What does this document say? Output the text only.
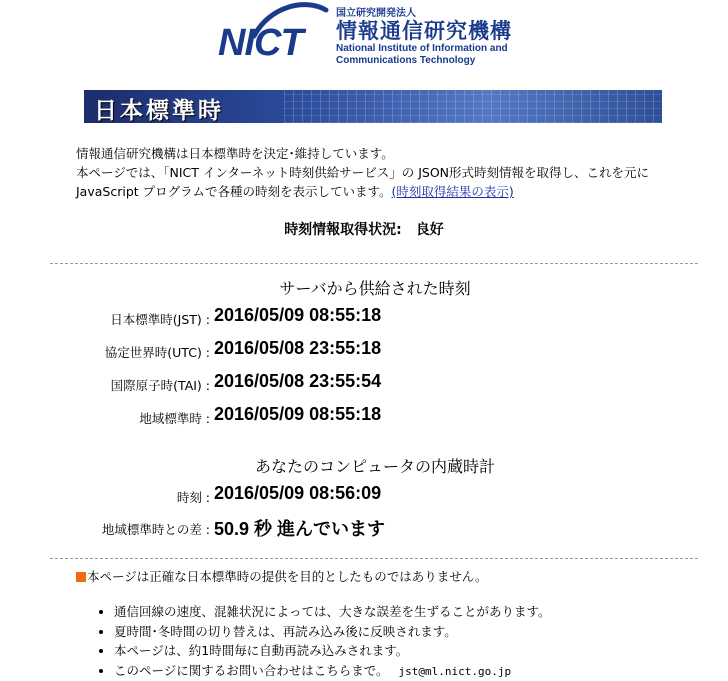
NICT
国立研究開発法人
情報通信研究機構
National Institute of Information and
Communications Technology
日本標準時
情報通信研究機構は日本標準時を決定･維持しています。
本ページでは、「NICT インターネット時刻供給サービス」の JSON形式時刻情報を取得し、これを元に
JavaScript プログラムで各種の時刻を表示しています。(時刻取得結果の表示)
時刻情報取得状況: 良好
サーバから供給された時刻
日本標準時(JST) : 2016/05/09 08:55:18
協定世界時(UTC) : 2016/05/08 23:55:18
国際原子時(TAI) : 2016/05/08 23:55:54
地域標準時 : 2016/05/09 08:55:18
あなたのコンピュータの内蔵時計
時刻 : 2016/05/09 08:56:09
地域標準時との差 : 50.9 秒 進んでいます
本ページは正確な日本標準時の提供を目的としたものではありません。
• 通信回線の速度、混雑状況によっては、大きな誤差を生ずることがあります。
• 夏時間･冬時間の切り替えは、再読み込み後に反映されます。
• 本ページは、約1時間毎に自動再読み込みされます。
• このページに関するお問い合わせはこちらまで。 jst@ml.nict.go.jp
